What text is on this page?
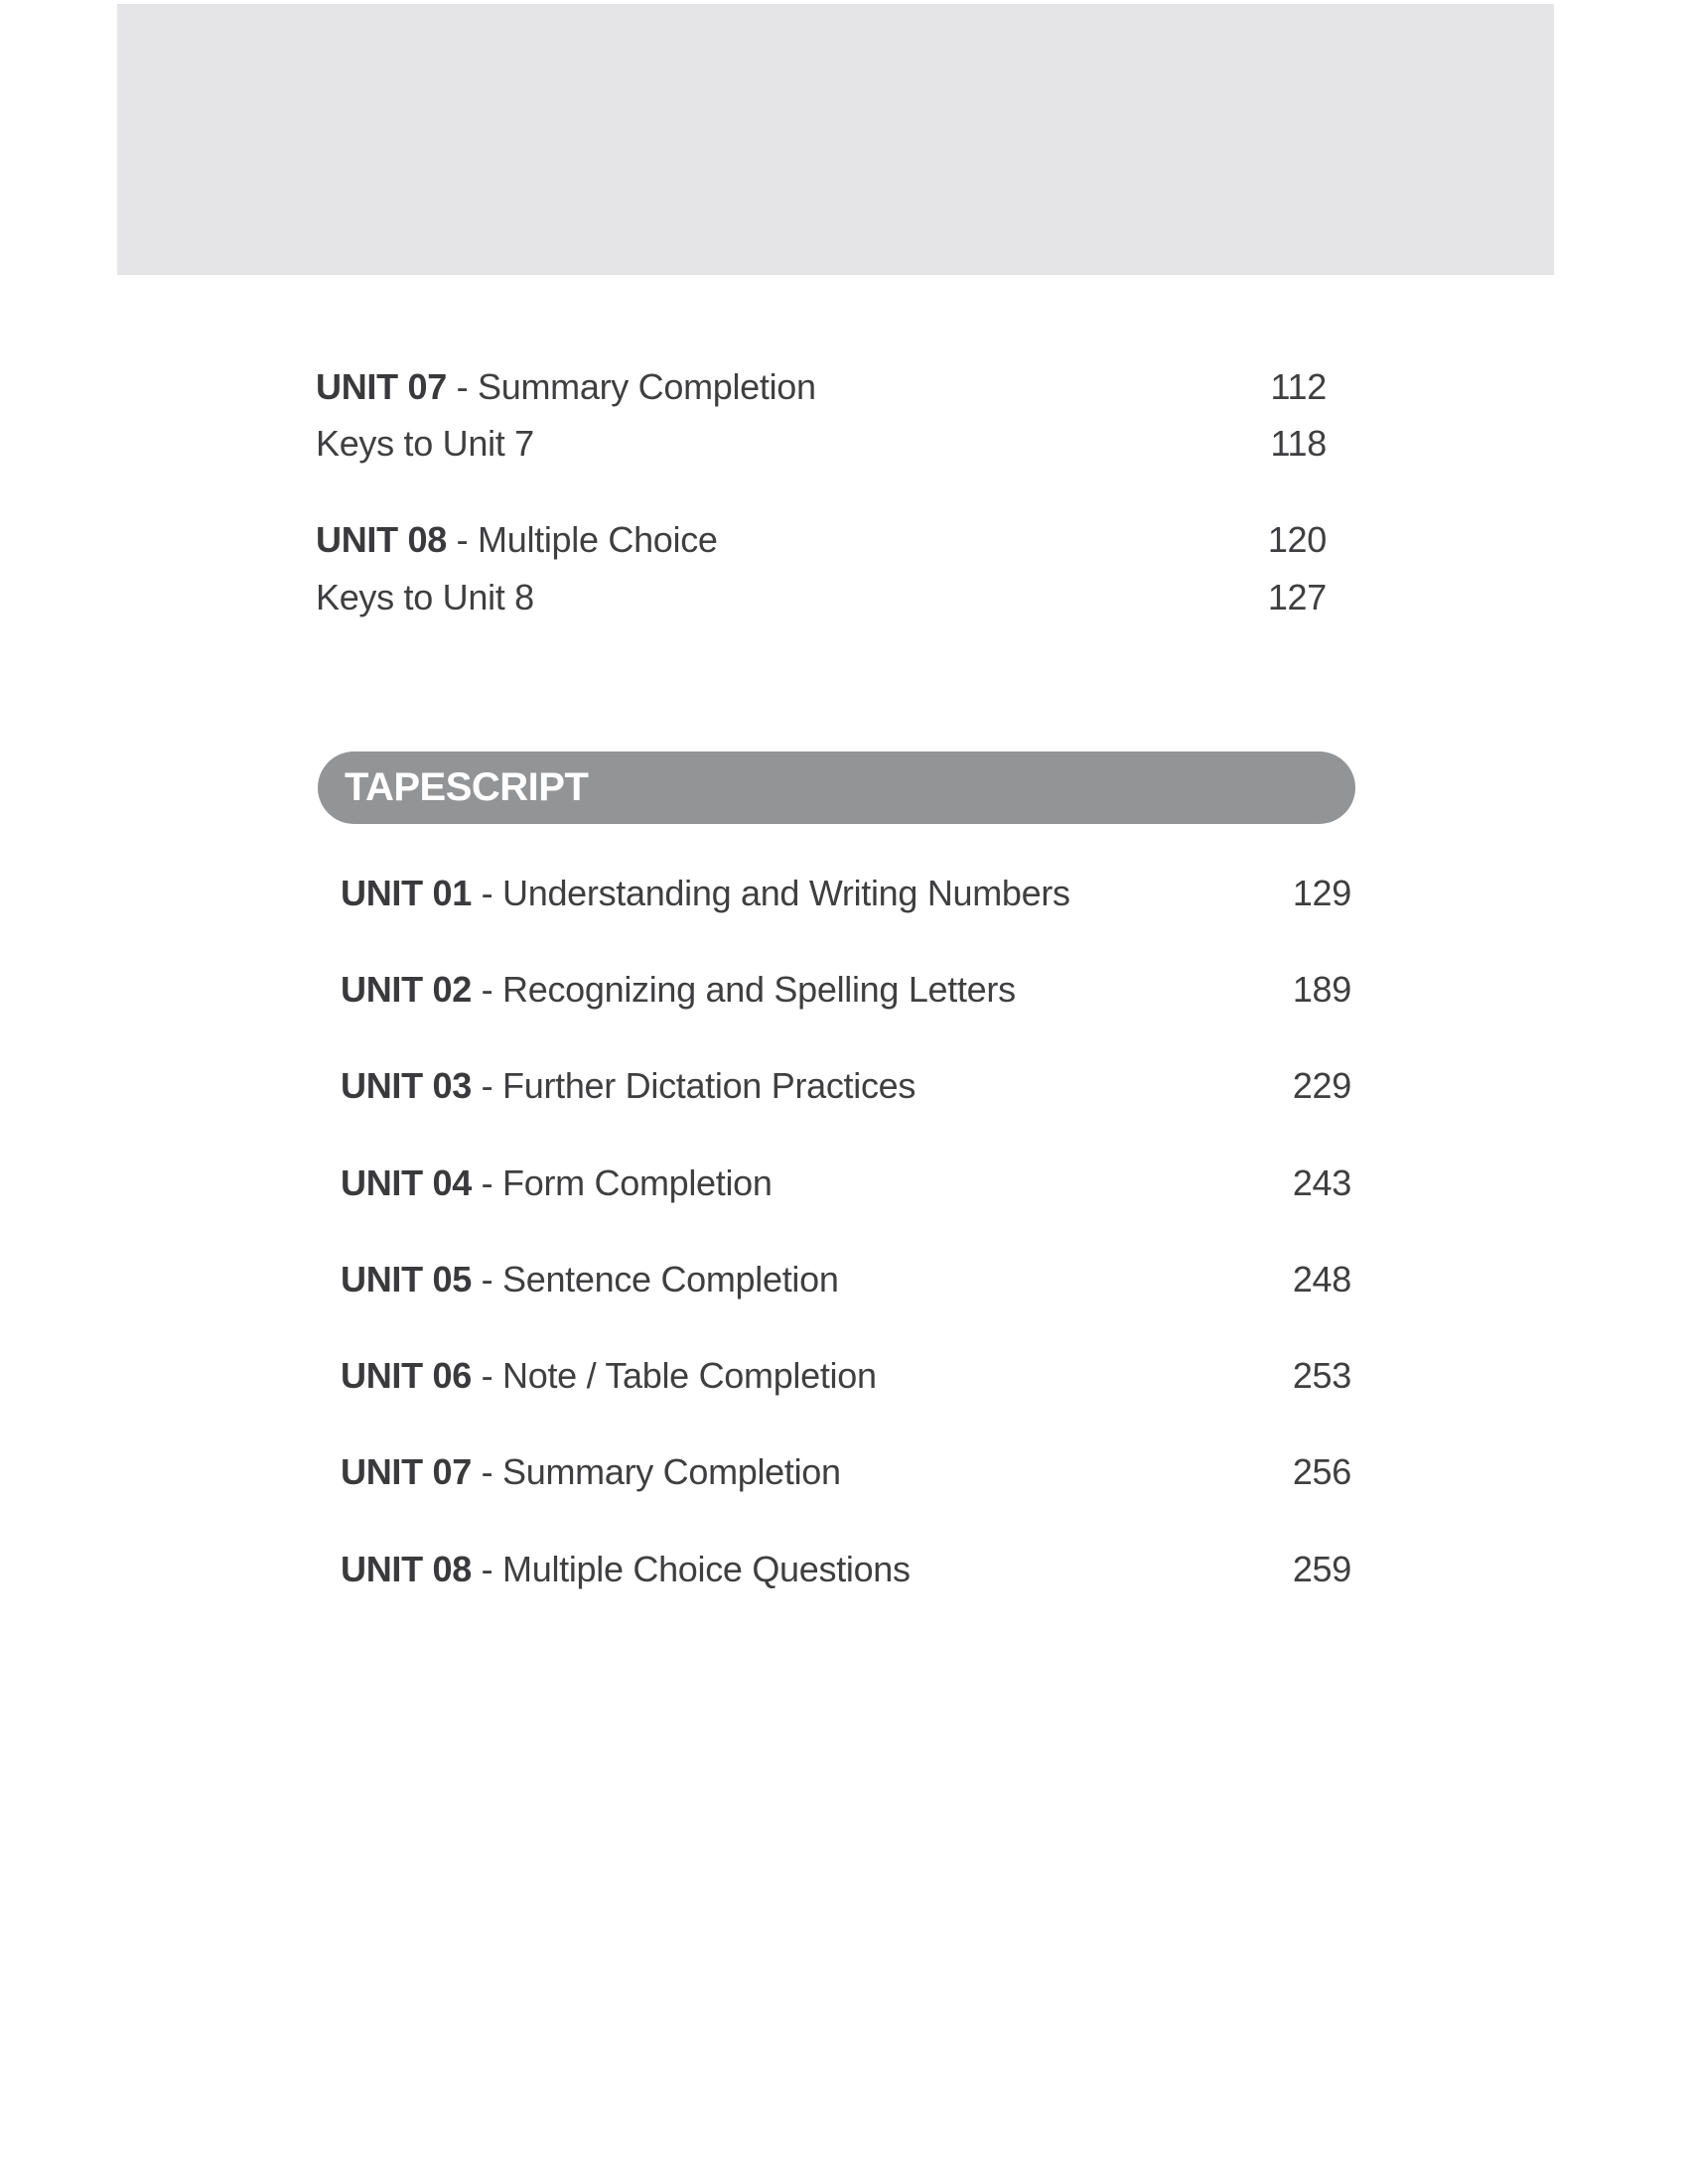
UNIT 07 - Summary Completion	112
Keys to Unit 7	118
UNIT 08 - Multiple Choice	120
Keys to Unit 8	127
TAPESCRIPT
UNIT 01 - Understanding and Writing Numbers	129
UNIT 02 - Recognizing and Spelling Letters	189
UNIT 03 - Further Dictation Practices	229
UNIT 04 - Form Completion	243
UNIT 05 - Sentence Completion	248
UNIT 06 - Note / Table Completion	253
UNIT 07 - Summary Completion	256
UNIT 08 - Multiple Choice Questions	259
